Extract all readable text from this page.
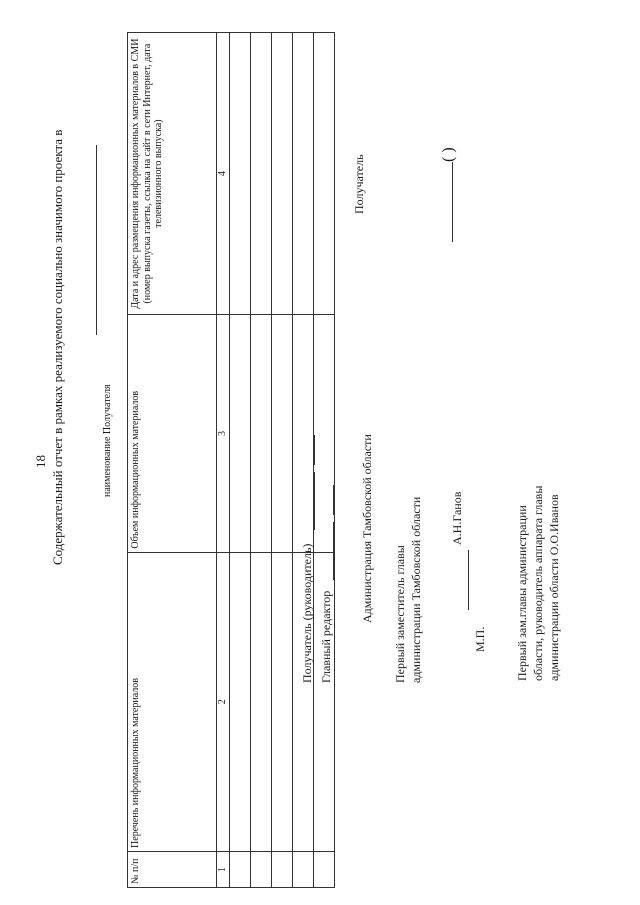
18 Содержательный отчет в рамках реализуемого социально значимого проекта в	наименование Получателя
№ п/п	Перечень информационных материалов	Объем информационных материалов	Дата и адрес размещения информационных материалов в СМИ (номер выпуска газеты, ссылка на сайт в сети Интернет, дата телевизионного выпуска)
1	2	3	4

Получатель (руководитель) Главный редактор
Администрация Тамбовской области Первый заместитель главы администрации Тамбовской области А.Н.Ганов
М.П. Первый зам.главы администрации области, руководитель аппарата главы администрации области О.О.Иванов
Получатель	( )
